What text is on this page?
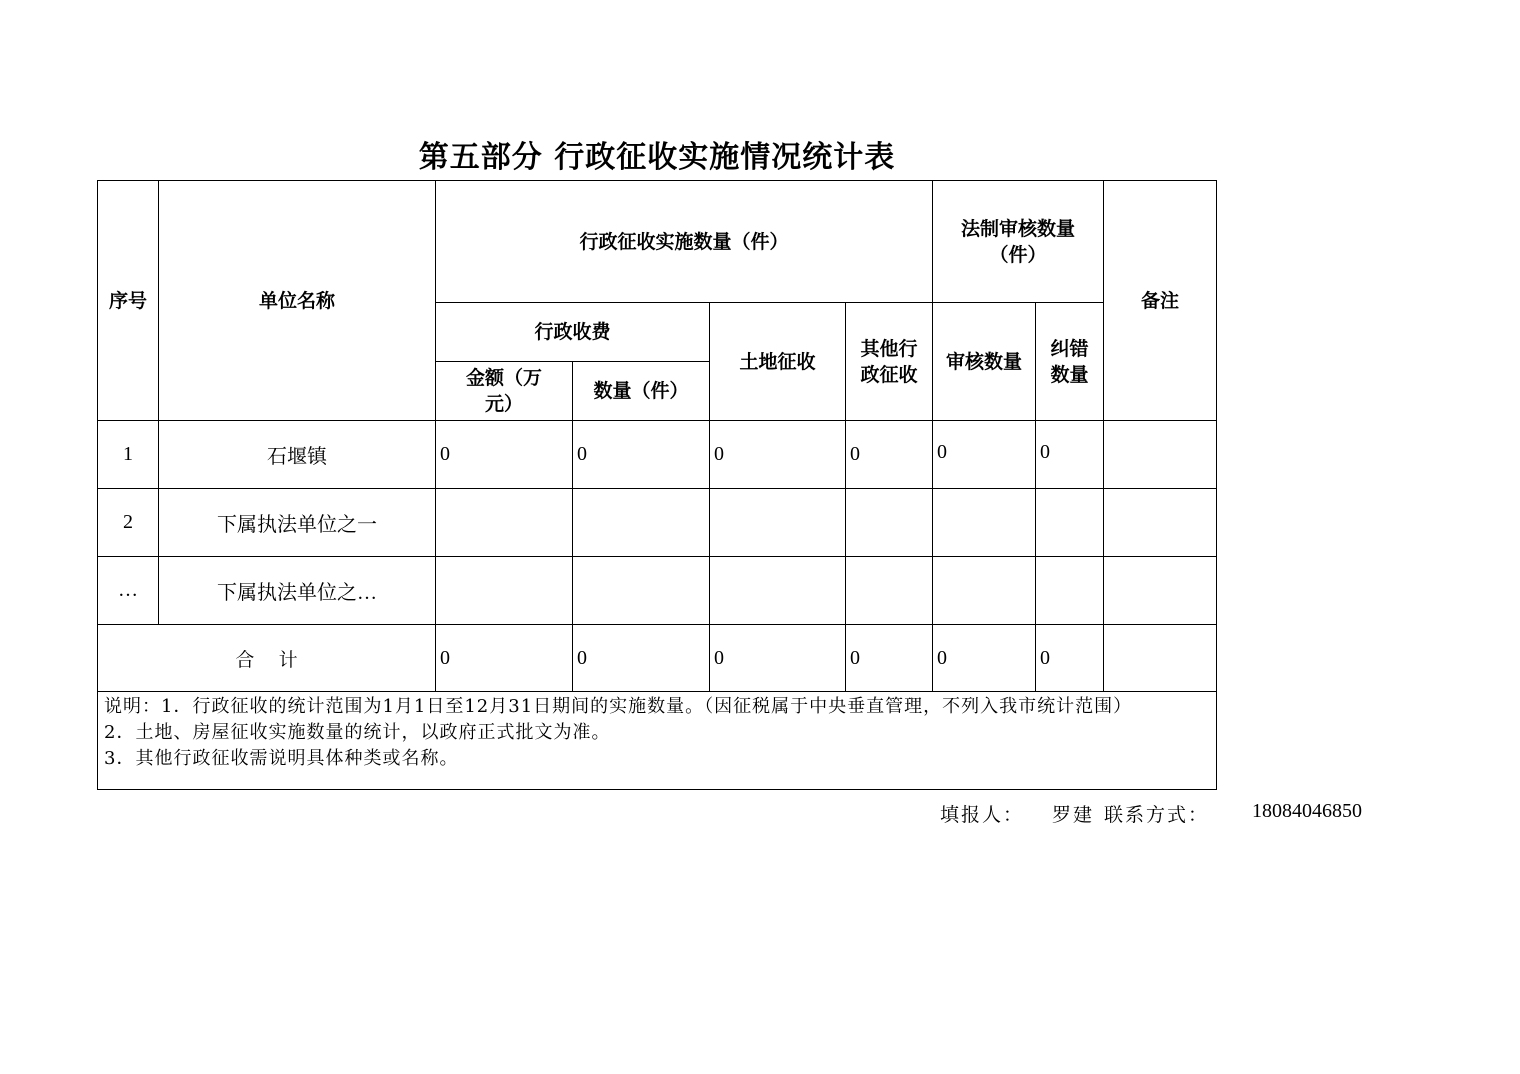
第五部分 行政征收实施情况统计表
序号	单位名称	行政征收实施数量（件）				法制审核数量（件）		备注
		行政收费		土地征收	其他行政征收	审核数量	纠错数量	
		金额（万元）	数量（件）					
1	石堰镇	0	0	0	0	0	0	
2	下属执法单位之一							
…	下属执法单位之…							
合    计		0	0	0	0	0	0	

说明：1．行政征收的统计范围为1月1日至12月31日期间的实施数量。（因征税属于中央垂直管理，不列入我市统计范围）
2．土地、房屋征收实施数量的统计，以政府正式批文为准。
3．其他行政征收需说明具体种类或名称。								
填报人： 罗建 联系方式： 18084046850
